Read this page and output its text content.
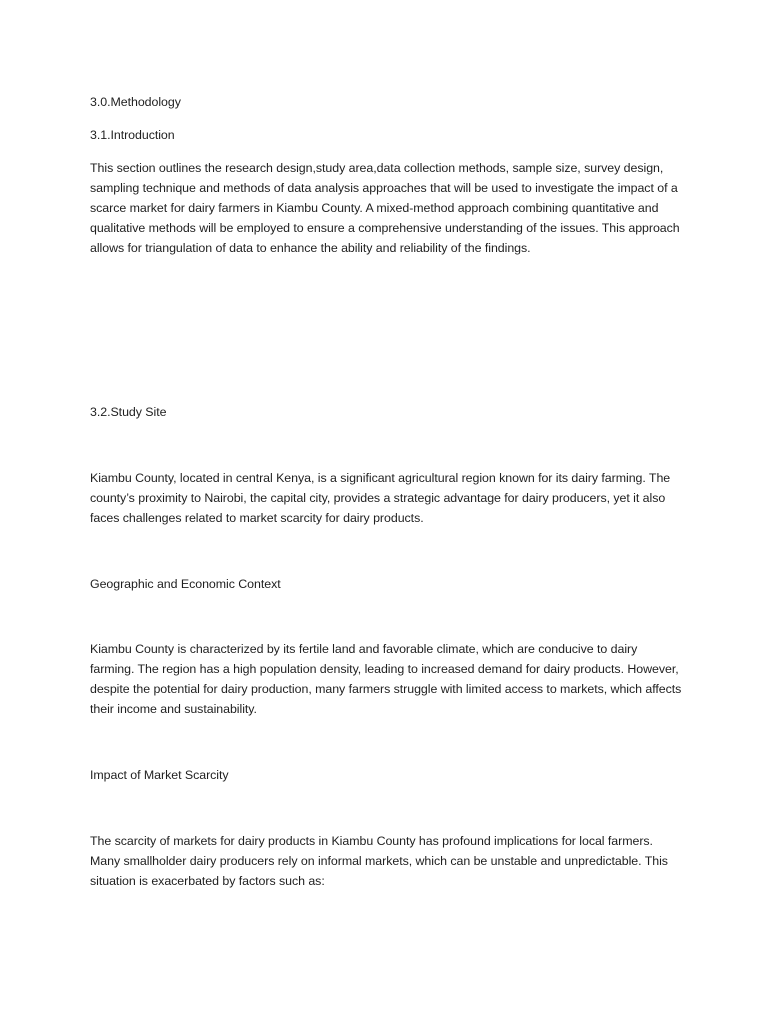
3.0.Methodology

3.1.Introduction

This section outlines the research design,study area,data collection methods, sample size, survey design, sampling technique and methods of data analysis approaches that will be used to investigate the impact of a scarce market for dairy farmers in Kiambu County. A mixed-method approach combining quantitative and qualitative methods will be employed to ensure a comprehensive understanding of the issues. This approach allows for triangulation of data to enhance the ability and reliability of the findings.

3.2.Study Site

Kiambu County, located in central Kenya, is a significant agricultural region known for its dairy farming. The county’s proximity to Nairobi, the capital city, provides a strategic advantage for dairy producers, yet it also faces challenges related to market scarcity for dairy products.

Geographic and Economic Context

Kiambu County is characterized by its fertile land and favorable climate, which are conducive to dairy farming. The region has a high population density, leading to increased demand for dairy products. However, despite the potential for dairy production, many farmers struggle with limited access to markets, which affects their income and sustainability.

Impact of Market Scarcity

The scarcity of markets for dairy products in Kiambu County has profound implications for local farmers. Many smallholder dairy producers rely on informal markets, which can be unstable and unpredictable. This situation is exacerbated by factors such as:
